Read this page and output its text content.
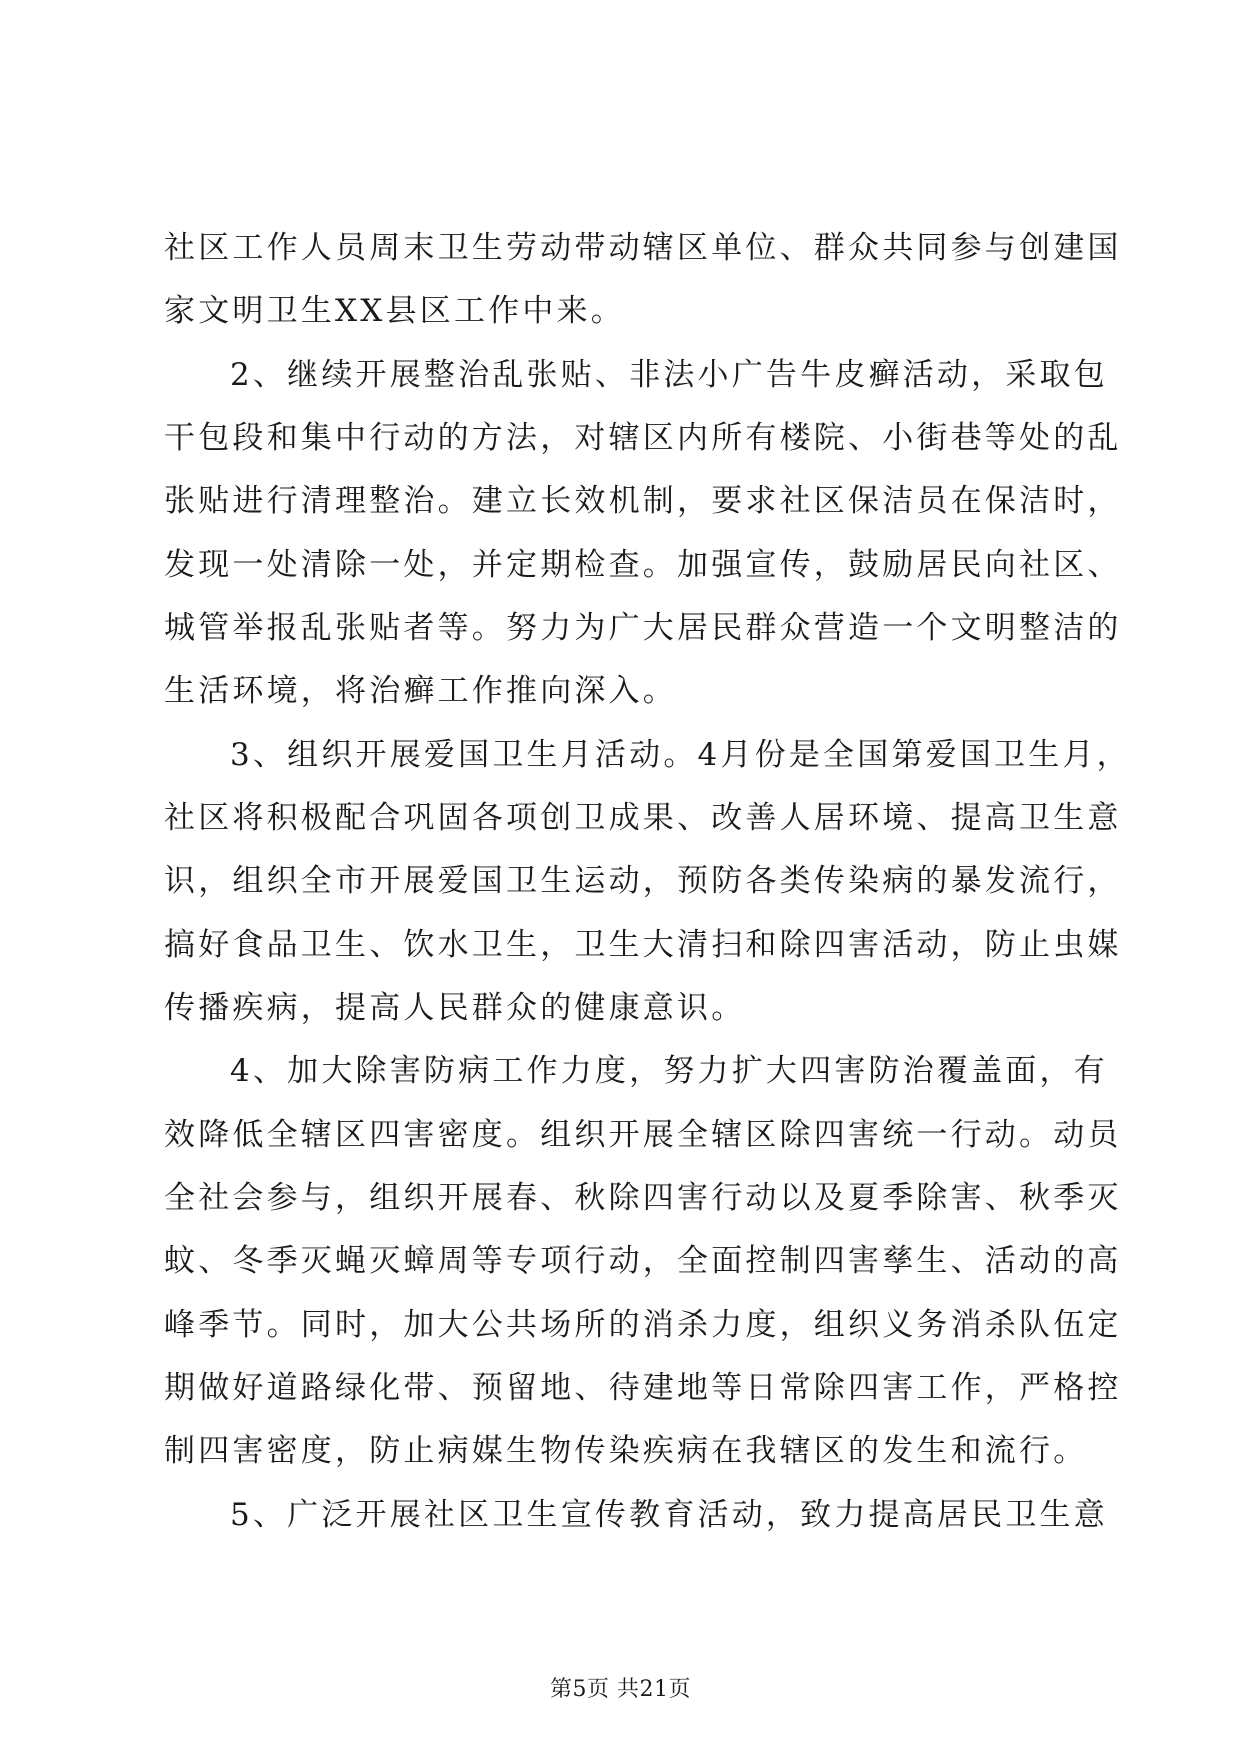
社区工作人员周末卫生劳动带动辖区单位、群众共同参与创建国
家文明卫生XX县区工作中来。
2、继续开展整治乱张贴、非法小广告牛皮癣活动，采取包
干包段和集中行动的方法，对辖区内所有楼院、小街巷等处的乱
张贴进行清理整治。建立长效机制，要求社区保洁员在保洁时，
发现一处清除一处，并定期检查。加强宣传，鼓励居民向社区、
城管举报乱张贴者等。努力为广大居民群众营造一个文明整洁的
生活环境，将治癣工作推向深入。
3、组织开展爱国卫生月活动。4月份是全国第爱国卫生月，
社区将积极配合巩固各项创卫成果、改善人居环境、提高卫生意
识，组织全市开展爱国卫生运动，预防各类传染病的暴发流行，
搞好食品卫生、饮水卫生，卫生大清扫和除四害活动，防止虫媒
传播疾病，提高人民群众的健康意识。
4、加大除害防病工作力度，努力扩大四害防治覆盖面，有
效降低全辖区四害密度。组织开展全辖区除四害统一行动。动员
全社会参与，组织开展春、秋除四害行动以及夏季除害、秋季灭
蚊、冬季灭蝇灭蟑周等专项行动，全面控制四害孳生、活动的高
峰季节。同时，加大公共场所的消杀力度，组织义务消杀队伍定
期做好道路绿化带、预留地、待建地等日常除四害工作，严格控
制四害密度，防止病媒生物传染疾病在我辖区的发生和流行。
5、广泛开展社区卫生宣传教育活动，致力提高居民卫生意
第5页 共21页
